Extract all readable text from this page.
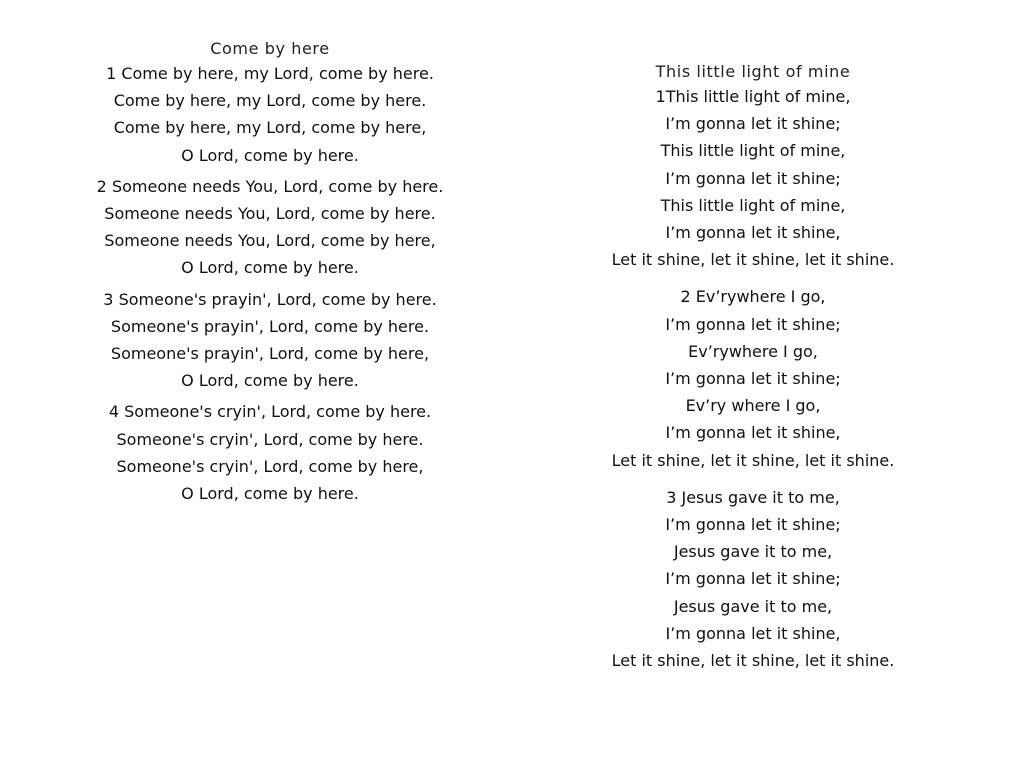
Come by here
1 Come by here, my Lord, come by here.
Come by here, my Lord, come by here.
Come by here, my Lord, come by here,
O Lord, come by here.
2 Someone needs You, Lord, come by here.
Someone needs You, Lord, come by here.
Someone needs You, Lord, come by here,
O Lord, come by here.
3 Someone's prayin', Lord, come by here.
Someone's prayin', Lord, come by here.
Someone's prayin', Lord, come by here,
O Lord, come by here.
4 Someone's cryin', Lord, come by here.
Someone's cryin', Lord, come by here.
Someone's cryin', Lord, come by here,
O Lord, come by here.
This little light of mine
1This little light of mine,
I’m gonna let it shine;
This little light of mine,
I’m gonna let it shine;
This little light of mine,
I’m gonna let it shine,
Let it shine, let it shine, let it shine.
2 Ev’rywhere I go,
I’m gonna let it shine;
Ev’rywhere I go,
I’m gonna let it shine;
Ev’ry where I go,
I’m gonna let it shine,
Let it shine, let it shine, let it shine.
3 Jesus gave it to me,
I’m gonna let it shine;
Jesus gave it to me,
I’m gonna let it shine;
Jesus gave it to me,
I’m gonna let it shine,
Let it shine, let it shine, let it shine.
